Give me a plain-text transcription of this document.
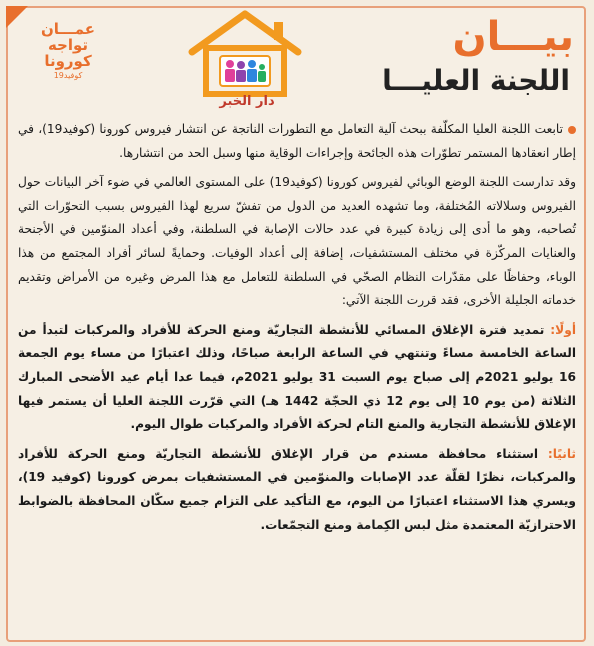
عمـــان
تواجه
كورونا
كوفيد19
دار الخبر
بيـــان
اللجنة العليـــا

تابعت اللجنة العليا المكلّفة ببحث آلية التعامل مع التطورات الناتجة عن انتشار فيروس كورونا (كوفيد19)، في إطار انعقادها المستمر تطوّرات هذه الجائحة وإجراءات الوقاية منها وسبل الحد من انتشارها.

وقد تدارست اللجنة الوضع الوبائي لفيروس كورونا (كوفيد19) على المستوى العالمي في ضوء آخر البيانات حول الفيروس وسلالاته المُختلفة، وما تشهده العديد من الدول من تفشّ سريع لهذا الفيروس بسبب التحوّرات التي تُصاحبه، وهو ما أدى إلى زيادة كبيرة في عدد حالات الإصابة في السلطنة، وفي أعداد المنوّمين في الأجنحة والعنايات المركّزة في مختلف المستشفيات، إضافة إلى أعداد الوفيات. وحمايةً لسائر أفراد المجتمع من هذا الوباء، وحفاظًا على مقدّرات النظام الصحّي في السلطنة للتعامل مع هذا المرض وغيره من الأمراض وتقديم خدماته الجليلة الأخرى، فقد قررت اللجنة الآتي:

أولًا: تمديد فترة الإغلاق المسائي للأنشطة التجاريّة ومنع الحركة للأفراد والمركبات لتبدأ من الساعة الخامسة مساءً وتنتهي في الساعة الرابعة صباحًا، وذلك اعتبارًا من مساء يوم الجمعة 16 يوليو 2021م إلى صباح يوم السبت 31 يوليو 2021م، فيما عدا أيام عيد الأضحى المبارك الثلاثة (من يوم 10 إلى يوم 12 ذي الحجّة 1442 هـ) التي قرّرت اللجنة العليا أن يستمر فيها الإغلاق للأنشطة التجارية والمنع التام لحركة الأفراد والمركبات طوال اليوم.

ثانيًا: استثناء محافظة مسندم من قرار الإغلاق للأنشطة التجاريّة ومنع الحركة للأفراد والمركبات، نظرًا لقلّة عدد الإصابات والمنوّمين في المستشفيات بمرض كورونا (كوفيد 19)، ويسري هذا الاستثناء اعتبارًا من اليوم، مع التأكيد على التزام جميع سكّان المحافظة بالضوابط الاحترازيّة المعتمدة مثل لبس الكِمامة ومنع التجمّعات.
